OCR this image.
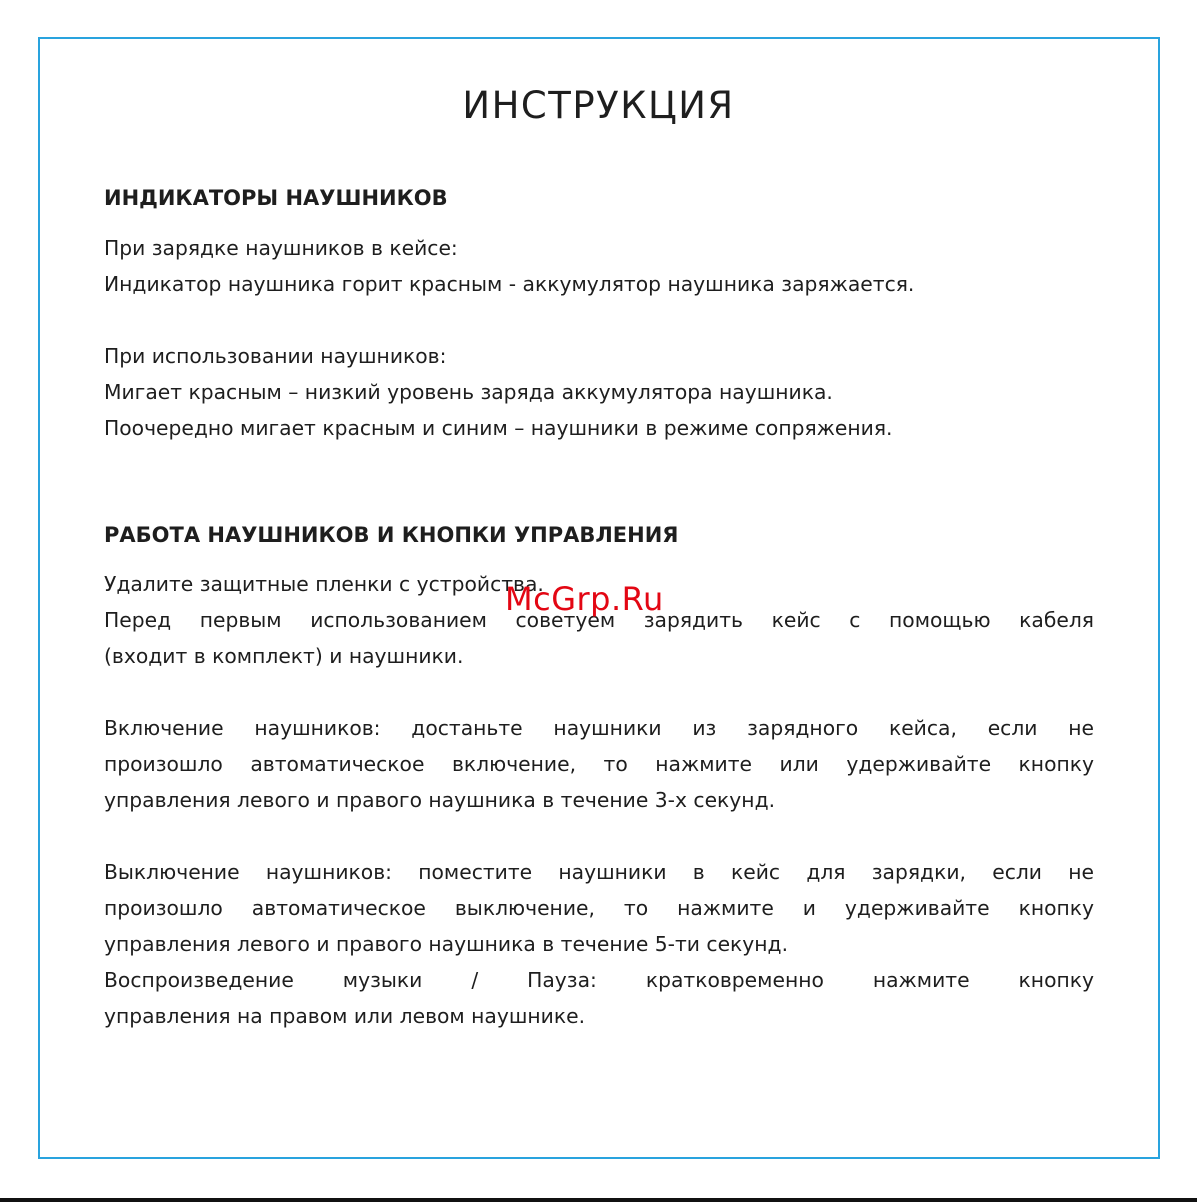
ИНСТРУКЦИЯ
ИНДИКАТОРЫ НАУШНИКОВ

При зарядке наушников в кейсе:

Индикатор наушника горит красным - аккумулятор наушника заряжается.

При использовании наушников:

Мигает красным – низкий уровень заряда аккумулятора наушника.

Поочередно мигает красным и синим – наушники в режиме сопряжения.

РАБОТА НАУШНИКОВ И КНОПКИ УПРАВЛЕНИЯ

Удалите защитные пленки с устройства.

Перед первым использованием советуем зарядить кейс с помощью кабеля

(входит в комплект) и наушники.

Включение наушников: достаньте наушники из зарядного кейса, если не

произошло автоматическое включение, то нажмите или удерживайте кнопку

управления левого и правого наушника в течение 3-х секунд.

Выключение наушников: поместите наушники в кейс для зарядки, если не

произошло автоматическое выключение, то нажмите и удерживайте кнопку

управления левого и правого наушника в течение 5-ти секунд.

Воспроизведение музыки / Пауза: кратковременно нажмите кнопку

управления на правом или левом наушнике.

McGrp.Ru
